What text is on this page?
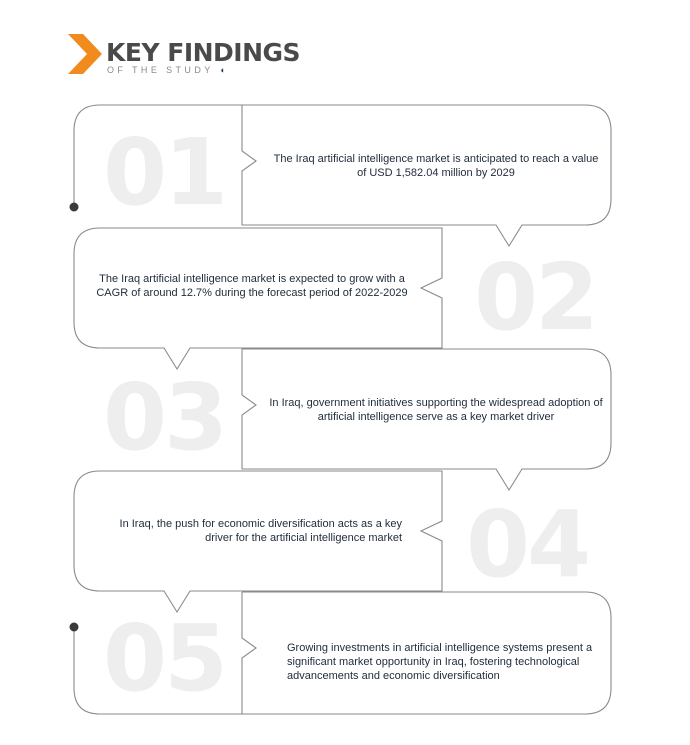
KEY FINDINGS
OF THE STUDY ◖
01	The Iraq artificial intelligence market is anticipated to reach a value of USD 1,582.04 million by 2029
02
The Iraq artificial intelligence market is expected to grow with a CAGR of around 12.7% during the forecast period of 2022-2029
03	In Iraq, government initiatives supporting the widespread adoption of artificial intelligence serve as a key market driver
04
In Iraq, the push for economic diversification acts as a key driver for the artificial intelligence market
05	Growing investments in artificial intelligence systems present a significant market opportunity in Iraq, fostering technological advancements and economic diversification
